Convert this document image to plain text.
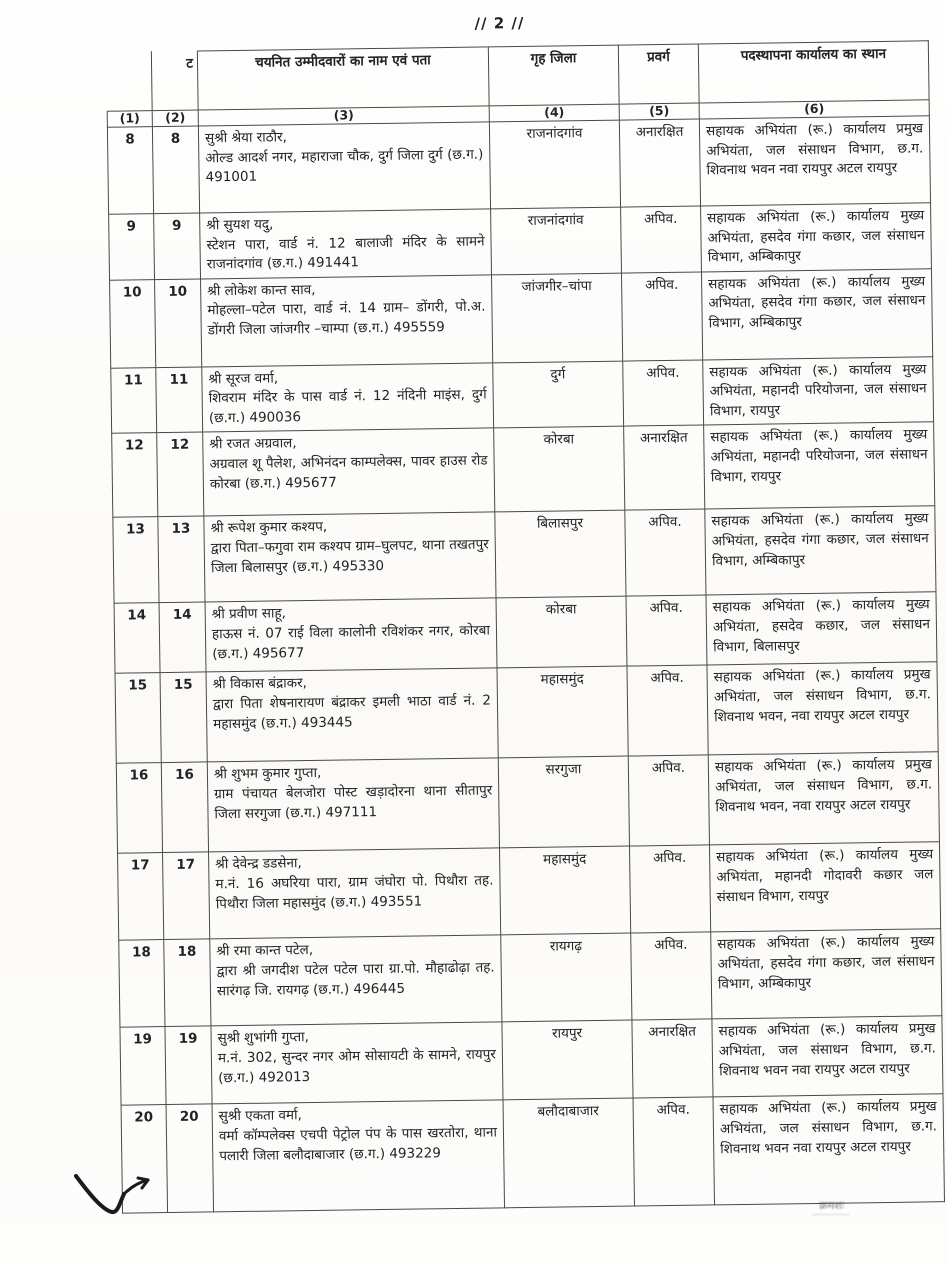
// 2 //
	ट	चयनित उम्मीदवारों का नाम एवं पता	गृह जिला	प्रवर्ग	पदस्थापना कार्यालय का स्थान
(1)	(2)	(3)	(4)	(5)	(6)
8	8	सुश्री श्रेया राठौर,
ओल्ड आदर्श नगर, महाराजा चौक, दुर्ग जिला दुर्ग (छ.ग.) 491001	राजनांदगांव	अनारक्षित	सहायक अभियंता (रू.) कार्यालय प्रमुख अभियंता, जल संसाधन विभाग, छ.ग. शिवनाथ भवन नवा रायपुर अटल रायपुर
9	9	श्री सुयश यदु,
स्टेशन पारा, वार्ड नं. 12 बालाजी मंदिर के सामने राजनांदगांव (छ.ग.) 491441	राजनांदगांव	अपिव.	सहायक अभियंता (रू.) कार्यालय मुख्य अभियंता, हसदेव गंगा कछार, जल संसाधन विभाग, अम्बिकापुर
10	10	श्री लोकेश कान्त साव,
मोहल्ला–पटेल पारा, वार्ड नं. 14 ग्राम– डोंगरी, पो.अ. डोंगरी जिला जांजगीर –चाम्पा (छ.ग.) 495559	जांजगीर–चांपा	अपिव.	सहायक अभियंता (रू.) कार्यालय मुख्य अभियंता, हसदेव गंगा कछार, जल संसाधन विभाग, अम्बिकापुर
11	11	श्री सूरज वर्मा,
शिवराम मंदिर के पास वार्ड नं. 12 नंदिनी माइंस, दुर्ग (छ.ग.) 490036	दुर्ग	अपिव.	सहायक अभियंता (रू.) कार्यालय मुख्य अभियंता, महानदी परियोजना, जल संसाधन विभाग, रायपुर
12	12	श्री रजत अग्रवाल,
अग्रवाल शू पैलेश, अभिनंदन काम्पलेक्स, पावर हाउस रोड कोरबा (छ.ग.) 495677	कोरबा	अनारक्षित	सहायक अभियंता (रू.) कार्यालय मुख्य अभियंता, महानदी परियोजना, जल संसाधन विभाग, रायपुर
13	13	श्री रूपेश कुमार कश्यप,
द्वारा पिता–फगुवा राम कश्यप ग्राम–घुलपट, थाना तखतपुर जिला बिलासपुर (छ.ग.) 495330	बिलासपुर	अपिव.	सहायक अभियंता (रू.) कार्यालय मुख्य अभियंता, हसदेव गंगा कछार, जल संसाधन विभाग, अम्बिकापुर
14	14	श्री प्रवीण साहू,
हाऊस नं. 07 राई विला कालोनी रविशंकर नगर, कोरबा (छ.ग.) 495677	कोरबा	अपिव.	सहायक अभियंता (रू.) कार्यालय मुख्य अभियंता, हसदेव कछार, जल संसाधन विभाग, बिलासपुर
15	15	श्री विकास बंद्राकर,
द्वारा पिता शेषनारायण बंद्राकर इमली भाठा वार्ड नं. 2 महासमुंद (छ.ग.) 493445	महासमुंद	अपिव.	सहायक अभियंता (रू.) कार्यालय प्रमुख अभियंता, जल संसाधन विभाग, छ.ग. शिवनाथ भवन, नवा रायपुर अटल रायपुर
16	16	श्री शुभम कुमार गुप्ता,
ग्राम पंचायत बेलजोरा पोस्ट खड़ादोरना थाना सीतापुर जिला सरगुजा (छ.ग.) 497111	सरगुजा	अपिव.	सहायक अभियंता (रू.) कार्यालय प्रमुख अभियंता, जल संसाधन विभाग, छ.ग. शिवनाथ भवन, नवा रायपुर अटल रायपुर
17	17	श्री देवेन्द्र डडसेना,
म.नं. 16 अघरिया पारा, ग्राम जंघोरा पो. पिथौरा तह. पिथौरा जिला महासमुंद (छ.ग.) 493551	महासमुंद	अपिव.	सहायक अभियंता (रू.) कार्यालय मुख्य अभियंता, महानदी गोदावरी कछार जल संसाधन विभाग, रायपुर
18	18	श्री रमा कान्त पटेल,
द्वारा श्री जगदीश पटेल पटेल पारा ग्रा.पो. मौहाढोढ़ा तह. सारंगढ़ जि. रायगढ़ (छ.ग.) 496445	रायगढ़	अपिव.	सहायक अभियंता (रू.) कार्यालय मुख्य अभियंता, हसदेव गंगा कछार, जल संसाधन विभाग, अम्बिकापुर
19	19	सुश्री शुभांगी गुप्ता,
म.नं. 302, सुन्दर नगर ओम सोसायटी के सामने, रायपुर (छ.ग.) 492013	रायपुर	अनारक्षित	सहायक अभियंता (रू.) कार्यालय प्रमुख अभियंता, जल संसाधन विभाग, छ.ग. शिवनाथ भवन नवा रायपुर अटल रायपुर
20	20	सुश्री एकता वर्मा,
वर्मा कॉम्पलेक्स एचपी पेट्रोल पंप के पास खरतोरा, थाना पलारी जिला बलौदाबाजार (छ.ग.) 493229	बलौदाबाजार	अपिव.	सहायक अभियंता (रू.) कार्यालय प्रमुख अभियंता, जल संसाधन विभाग, छ.ग. शिवनाथ भवन नवा रायपुर अटल रायपुर
क्रमशः
